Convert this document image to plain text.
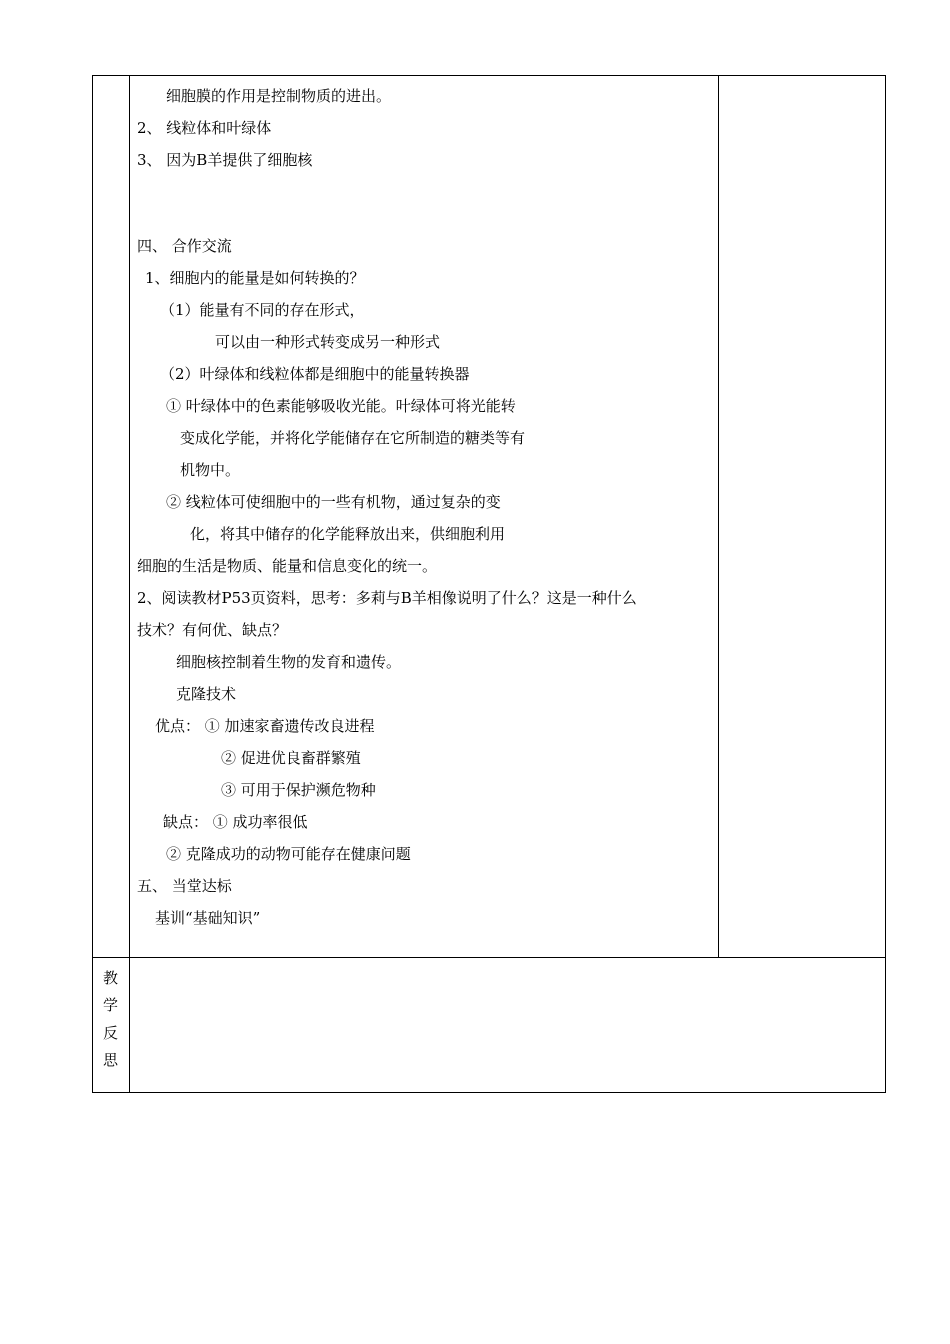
细胞膜的作用是控制物质的进出。
2、 线粒体和叶绿体
3、 因为B羊提供了细胞核
四、 合作交流
1、细胞内的能量是如何转换的？
（1）能量有不同的存在形式，
可以由一种形式转变成另一种形式
（2）叶绿体和线粒体都是细胞中的能量转换器
① 叶绿体中的色素能够吸收光能。叶绿体可将光能转
变成化学能，并将化学能储存在它所制造的糖类等有
机物中。
② 线粒体可使细胞中的一些有机物，通过复杂的变
化，将其中储存的化学能释放出来，供细胞利用
细胞的生活是物质、能量和信息变化的统一。
2、阅读教材P53页资料，思考：多莉与B羊相像说明了什么？这是一种什么
技术？有何优、缺点？
细胞核控制着生物的发育和遗传。
克隆技术
优点： ① 加速家畜遗传改良进程
② 促进优良畜群繁殖
③ 可用于保护濒危物种
缺点： ① 成功率很低
② 克隆成功的动物可能存在健康问题
五、 当堂达标
基训“基础知识”
教
学
反
思
